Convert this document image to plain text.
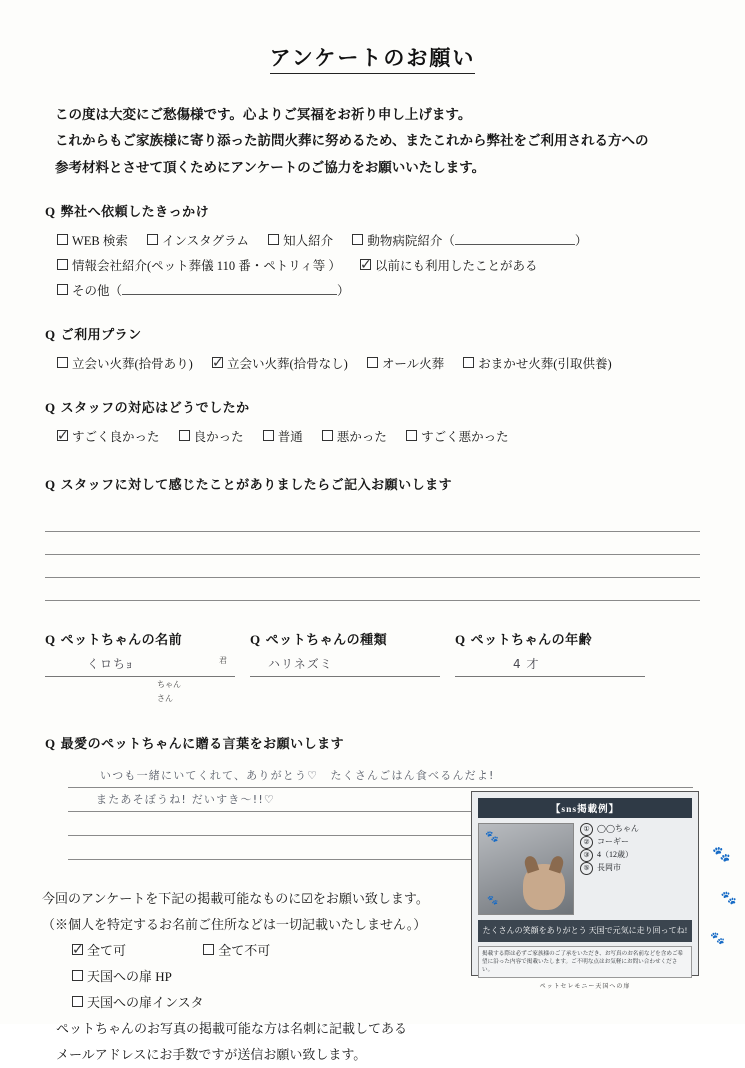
アンケートのお願い
この度は大変にご愁傷様です。心よりご冥福をお祈り申し上げます。
これからもご家族様に寄り添った訪問火葬に努めるため、またこれから弊社をご利用される方への
参考材料とさせて頂くためにアンケートのご協力をお願いいたします。
Q 弊社へ依頼したきっかけ
WEB 検索	インスタグラム	知人紹介	動物病院紹介（	）
情報会社紹介(ペット葬儀 110 番・ペトリィ等 ） ✓	以前にも利用したことがある
その他（	）
Q ご利用プラン
立会い火葬(拾骨あり) ✓	立会い火葬(拾骨なし)	オール火葬	おまかせ火葬(引取供養)
Q スタッフの対応はどうでしたか
✓すごく良かった	良かった	普通	悪かった	すごく悪かった
Q スタッフに対して感じたことがありましたらご記入お願いします
Q ペットちゃんの名前
くロちｮ	君
ちゃん
さん
Q ペットちゃんの種類
ハリネズミ
Q ペットちゃんの年齢
4 才
Q 最愛のペットちゃんに贈る言葉をお願いします
いつも一緒にいてくれて、ありがとう♡　たくさんごはん食べるんだよ!
またあそぼうね! だいすき〜!!♡
今回のアンケートを下記の掲載可能なものに☑をお願い致します。
（※個人を特定するお名前ご住所などは一切記載いたしません。）
✓全て可	全て不可
天国への扉 HP
天国への扉インスタ
ペットちゃんのお写真の掲載可能な方は名刺に記載してある
メールアドレスにお手数ですが送信お願い致します。
【sns掲載例】
🐾
🐾
① ◯◯ちゃん
② コーギー
③ 4（12歳）
⑤ 長岡市
たくさんの笑顔をありがとう 天国で元気に走り回ってね!
掲載する際は必ずご家族様のご了承をいただき、お写真のお名前などを含めご希望に沿った内容で掲載いたします。ご不明な点はお気軽にお問い合わせください。
ペットセレモニー天国への扉
🐾
🐾
🐾
